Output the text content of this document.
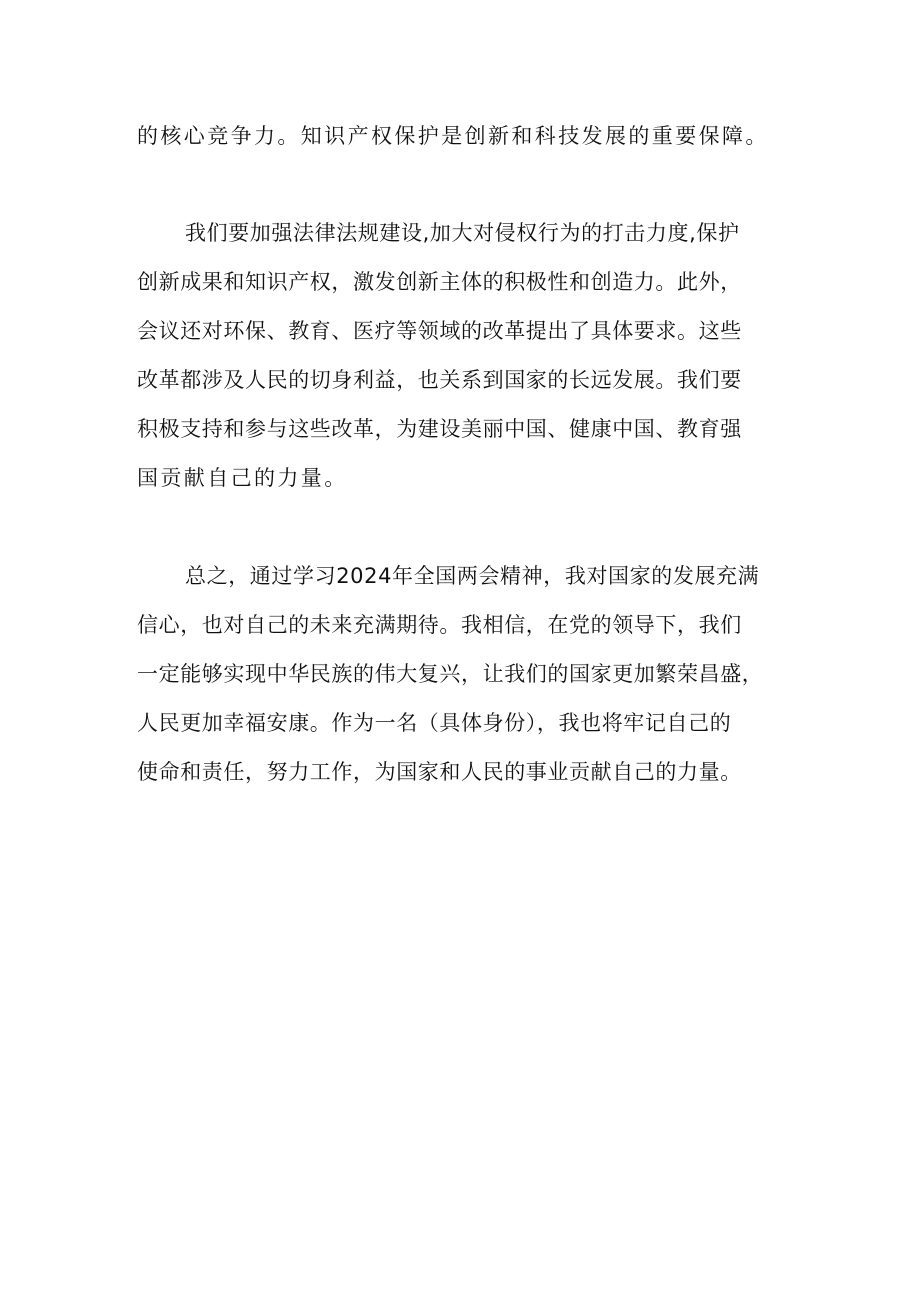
的核心竞争力。知识产权保护是创新和科技发展的重要保障。
我们要加强法律法规建设,加大对侵权行为的打击力度,保护
创新成果和知识产权，激发创新主体的积极性和创造力。此外，
会议还对环保、教育、医疗等领域的改革提出了具体要求。这些
改革都涉及人民的切身利益，也关系到国家的长远发展。我们要
积极支持和参与这些改革，为建设美丽中国、健康中国、教育强
国贡献自己的力量。
总之，通过学习2024年全国两会精神，我对国家的发展充满
信心，也对自己的未来充满期待。我相信，在党的领导下，我们
一定能够实现中华民族的伟大复兴，让我们的国家更加繁荣昌盛，
人民更加幸福安康。作为一名（具体身份），我也将牢记自己的
使命和责任，努力工作，为国家和人民的事业贡献自己的力量。
